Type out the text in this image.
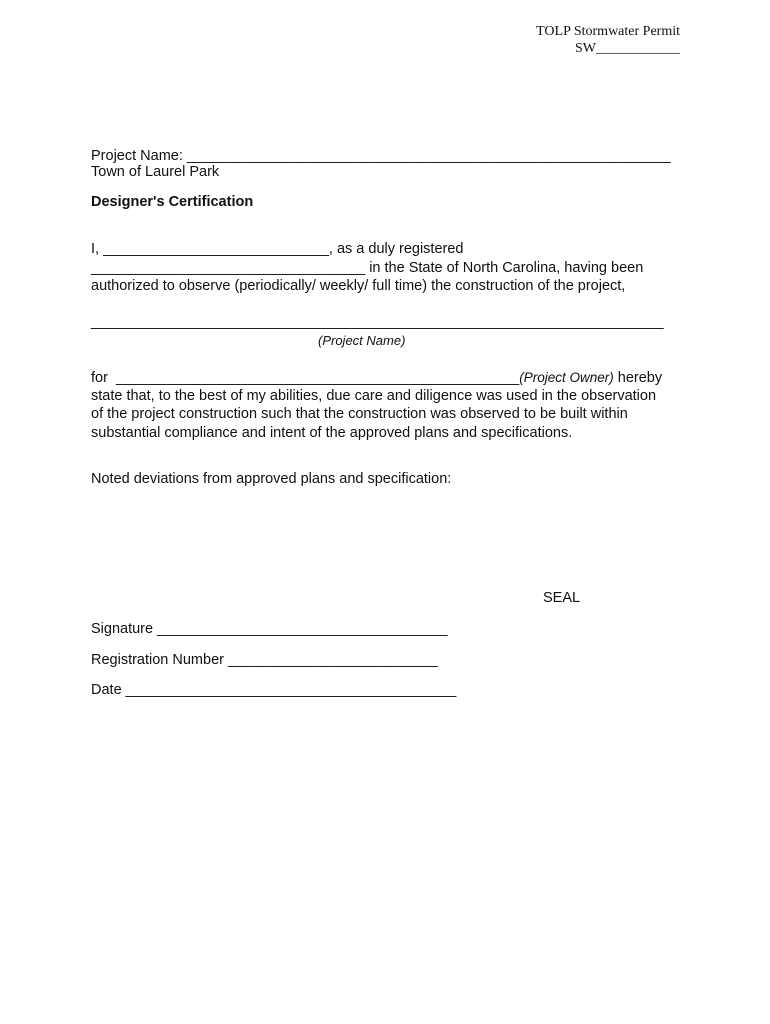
TOLP Stormwater Permit
SW____________
Project Name: ____________________________________________________________
Town of Laurel Park
Designer's Certification
I, ____________________________, as a duly registered
__________________________________ in the State of North Carolina, having been
authorized to observe (periodically/ weekly/ full time) the construction of the project,
_______________________________________________________________________
(Project Name)
for  __________________________________________________(Project Owner) hereby
state that, to the best of my abilities, due care and diligence was used in the observation
of the project construction such that the construction was observed to be built within
substantial compliance and intent of the approved plans and specifications.
Noted deviations from approved plans and specification:
SEAL
Signature ____________________________________
Registration Number __________________________
Date _________________________________________
